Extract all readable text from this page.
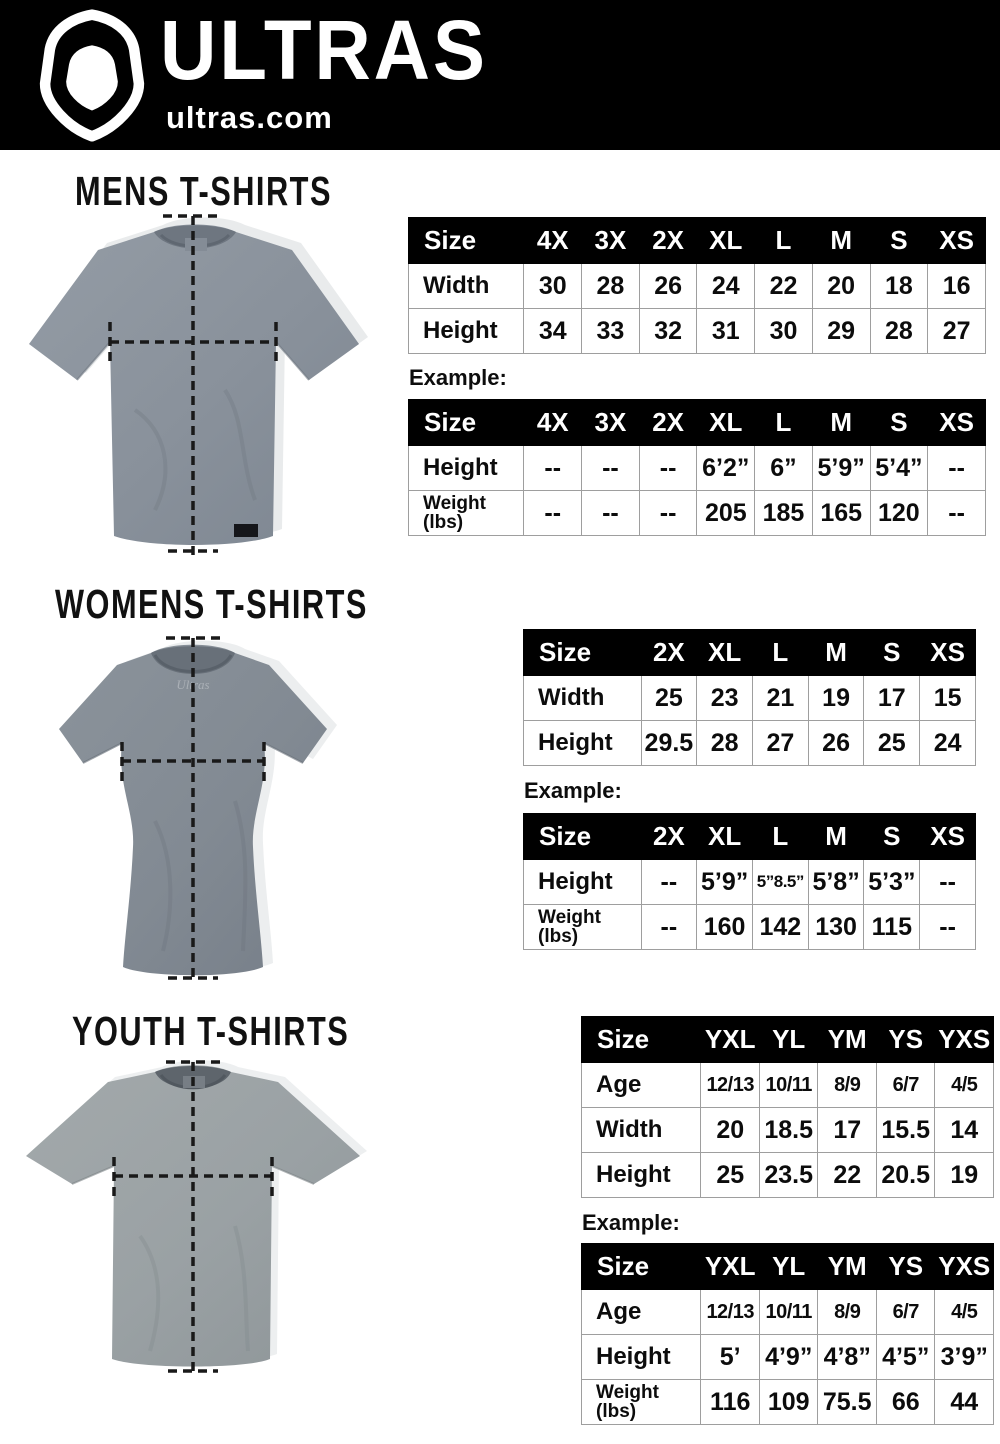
ULTRAS
ultras.com
MENS T-SHIRTS
Size	4X	3X	2X	XL	L	M	S	XS
Width	30	28	26	24	22	20	18	16
Height	34	33	32	31	30	29	28	27
Example:
Size	4X	3X	2X	XL	L	M	S	XS
Height	--	--	--	6’2”	6”	5’9”	5’4”	--
Weight (lbs)	--	--	--	205	185	165	120	--
WOMENS T-SHIRTS
Ultras
Size	2X	XL	L	M	S	XS
Width	25	23	21	19	17	15
Height	29.5	28	27	26	25	24
Example:
Size	2X	XL	L	M	S	XS
Height	--	5’9”	5”8.5”	5’8”	5’3”	--
Weight (lbs)	--	160	142	130	115	--
YOUTH T-SHIRTS	Size	YXL	YL	YM	YS	YXS
Age	12/13	10/11	8/9	6/7	4/5
Width	20	18.5	17	15.5	14
Height	25	23.5	22	20.5	19
Example:
Size	YXL	YL	YM	YS	YXS
Age	12/13	10/11	8/9	6/7	4/5
Height	5’	4’9”	4’8”	4’5”	3’9”
Weight (lbs)	116	109	75.5	66	44
